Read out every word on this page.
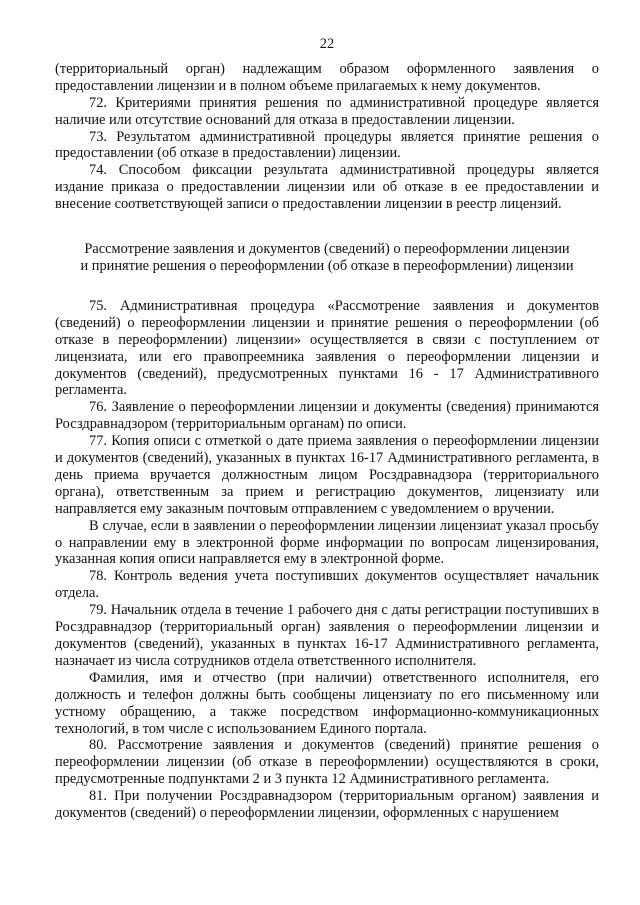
22

(территориальный орган) надлежащим образом оформленного заявления о предоставлении лицензии и в полном объеме прилагаемых к нему документов.

72. Критериями принятия решения по административной процедуре является наличие или отсутствие оснований для отказа в предоставлении лицензии.

73. Результатом административной процедуры является принятие решения о предоставлении (об отказе в предоставлении) лицензии.

74. Способом фиксации результата административной процедуры является издание приказа о предоставлении лицензии или об отказе в ее предоставлении и внесение соответствующей записи о предоставлении лицензии в реестр лицензий.

Рассмотрение заявления и документов (сведений) о переоформлении лицензии
и принятие решения о переоформлении (об отказе в переоформлении) лицензии

75. Административная процедура «Рассмотрение заявления и документов (сведений) о переоформлении лицензии и принятие решения о переоформлении (об отказе в переоформлении) лицензии» осуществляется в связи с поступлением от лицензиата, или его правопреемника заявления о переоформлении лицензии и документов (сведений), предусмотренных пунктами 16 - 17 Административного регламента.

76. Заявление о переоформлении лицензии и документы (сведения) принимаются Росздравнадзором (территориальным органам) по описи.

77. Копия описи с отметкой о дате приема заявления о переоформлении лицензии и документов (сведений), указанных в пунктах 16-17 Административного регламента, в день приема вручается должностным лицом Росздравнадзора (территориального органа), ответственным за прием и регистрацию документов, лицензиату или направляется ему заказным почтовым отправлением с уведомлением о вручении.

В случае, если в заявлении о переоформлении лицензии лицензиат указал просьбу о направлении ему в электронной форме информации по вопросам лицензирования, указанная копия описи направляется ему в электронной форме.

78. Контроль ведения учета поступивших документов осуществляет начальник отдела.

79. Начальник отдела в течение 1 рабочего дня с даты регистрации поступивших в Росздравнадзор (территориальный орган) заявления о переоформлении лицензии и документов (сведений), указанных в пунктах 16-17 Административного регламента, назначает из числа сотрудников отдела ответственного исполнителя.

Фамилия, имя и отчество (при наличии) ответственного исполнителя, его должность и телефон должны быть сообщены лицензиату по его письменному или устному обращению, а также посредством информационно-коммуникационных технологий, в том числе с использованием Единого портала.

80. Рассмотрение заявления и документов (сведений) принятие решения о переоформлении лицензии (об отказе в переоформлении) осуществляются в сроки, предусмотренные подпунктами 2 и 3 пункта 12 Административного регламента.

81. При получении Росздравнадзором (территориальным органом) заявления и документов (сведений) о переоформлении лицензии, оформленных с нарушением
